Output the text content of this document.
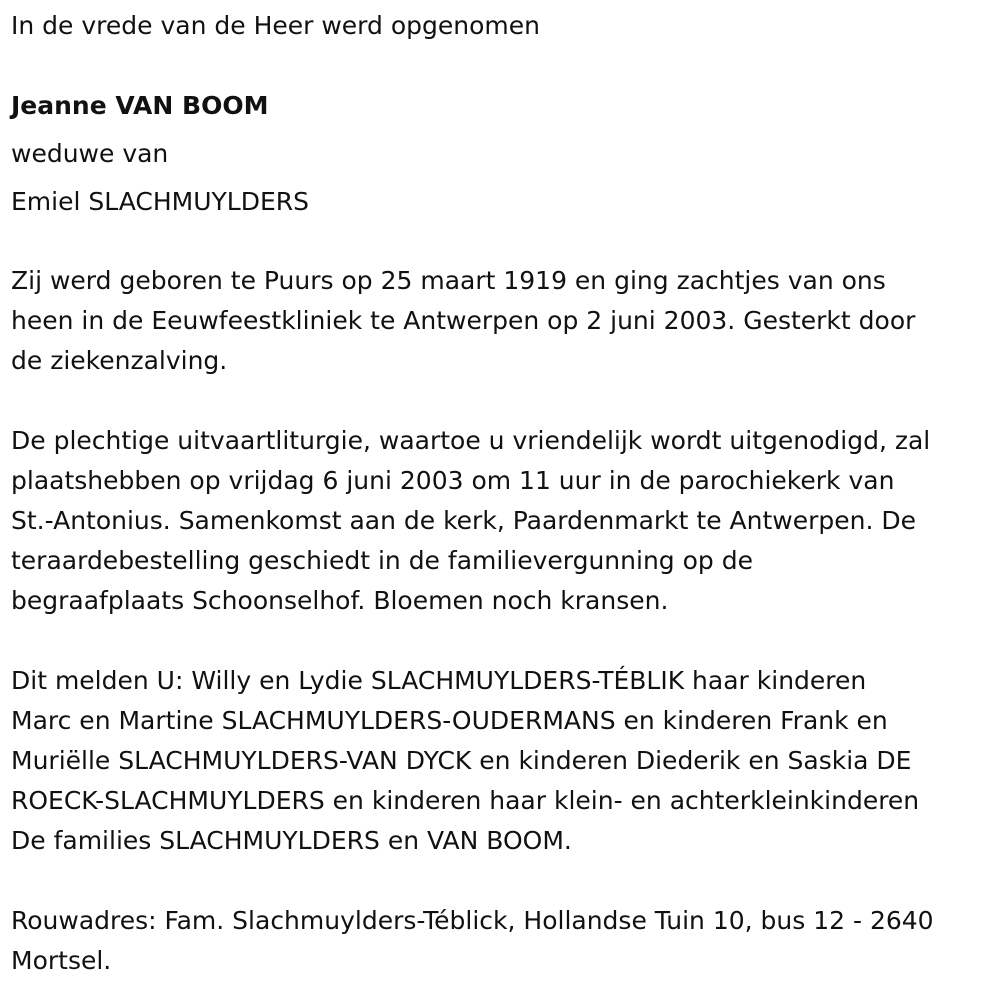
In de vrede van de Heer werd opgenomen

Jeanne VAN BOOM

weduwe van

Emiel SLACHMUYLDERS

Zij werd geboren te Puurs op 25 maart 1919 en ging zachtjes van ons
heen in de Eeuwfeestkliniek te Antwerpen op 2 juni 2003. Gesterkt door
de ziekenzalving.
De plechtige uitvaartliturgie, waartoe u vriendelijk wordt uitgenodigd, zal
plaatshebben op vrijdag 6 juni 2003 om 11 uur in de parochiekerk van
St.-Antonius. Samenkomst aan de kerk, Paardenmarkt te Antwerpen. De
teraardebestelling geschiedt in de familievergunning op de
begraafplaats Schoonselhof. Bloemen noch kransen.
Dit melden U: Willy en Lydie SLACHMUYLDERS-TÉBLIK haar kinderen
Marc en Martine SLACHMUYLDERS-OUDERMANS en kinderen Frank en
Muriëlle SLACHMUYLDERS-VAN DYCK en kinderen Diederik en Saskia DE
ROECK-SLACHMUYLDERS en kinderen haar klein- en achterkleinkinderen
De families SLACHMUYLDERS en VAN BOOM.
Rouwadres: Fam. Slachmuylders-Téblick, Hollandse Tuin 10, bus 12 - 2640
Mortsel.
